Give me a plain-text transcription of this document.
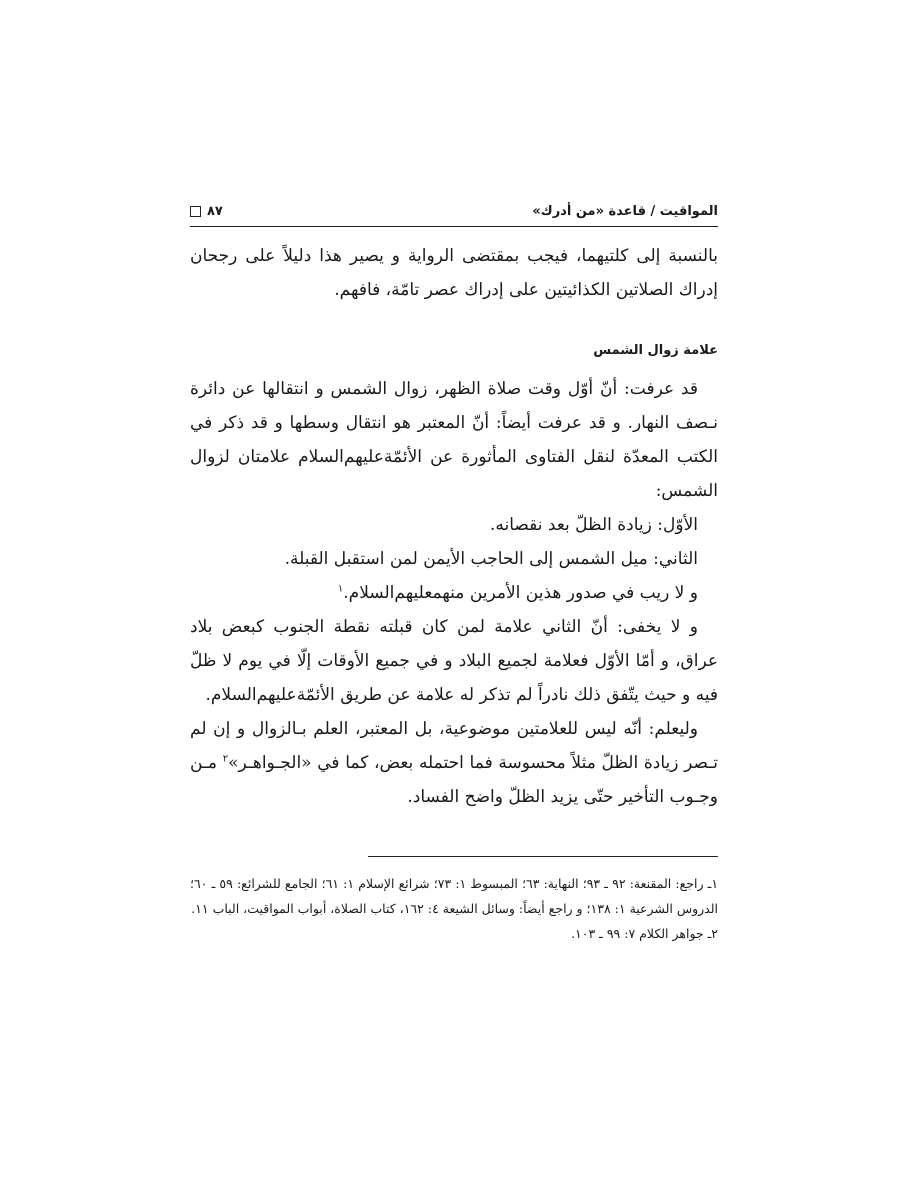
المواقيت / قاعدة «من أدرك»
٨٧

بالنسبة إلى كلتيهما، فيجب بمقتضى الرواية و يصير هذا دليلاً على رجحان إدراك الصلاتين الكذائيتين على إدراك عصر تامّة، فافهم.

علامة زوال الشمس

قد عرفت: أنّ أوّل وقت صلاة الظهر، زوال الشمس و انتقالها عن دائرة نـصف النهار. و قد عرفت أيضاً: أنّ المعتبر هو انتقال وسطها و قد ذكر في الكتب المعدّة لنقل الفتاوى المأثورة عن الأئمّةعليهم‌السلام علامتان لزوال الشمس:

الأوّل: زيادة الظلّ بعد نقصانه.

الثاني: ميل الشمس إلى الحاجب الأيمن لمن استقبل القبلة.

و لا ريب في صدور هذين الأمرين منهمعليهم‌السلام.$^١$

و لا يخفى: أنّ الثاني علامة لمن كان قبلته نقطة الجنوب كبعض بلاد عراق، و أمّا الأوّل فعلامة لجميع البلاد و في جميع الأوقات إلّا في يوم لا ظلّ فيه و حيث يتّفق ذلك نادراً لم تذكر له علامة عن طريق الأئمّةعليهم‌السلام.

وليعلم: أنّه ليس للعلامتين موضوعية، بل المعتبر، العلم بـالزوال و إن لم تـصر زيادة الظلّ مثلاً محسوسة فما احتمله بعض، كما في «الجـواهـر»$^٢$ مـن وجـوب التأخير حتّى يزيد الظلّ واضح الفساد.

١ـ راجع: المقنعة: ٩٢ ـ ٩٣؛ النهاية: ٦٣؛ المبسوط ١: ٧٣؛ شرائع الإسلام ١: ٦١؛ الجامع للشرائع: ٥٩ ـ ٦٠؛ الدروس الشرعية ١: ١٣٨؛ و راجع أيضاً: وسائل الشيعة ٤: ١٦٢، كتاب الصلاة، أبواب المواقيت، الباب ١١.

٢ـ جواهر الكلام ٧: ٩٩ ـ ١٠٣.
